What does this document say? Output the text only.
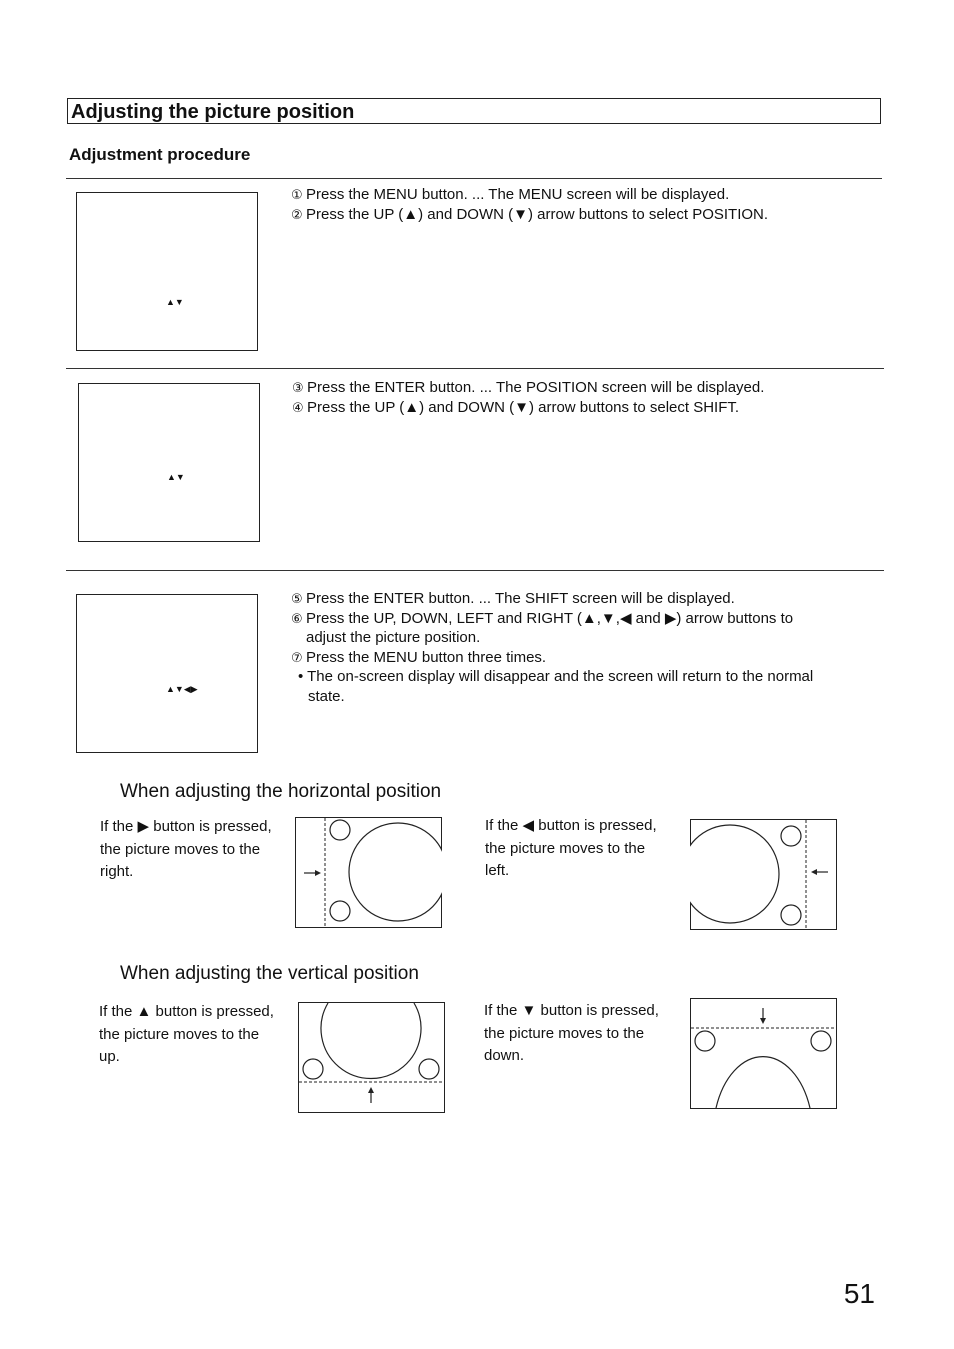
Adjusting the picture position
Adjustment procedure
▲▼
① Press the MENU button. ... The MENU screen will be displayed.
② Press the UP (▲) and DOWN (▼) arrow buttons to select POSITION.
▲▼
③ Press the ENTER button. ... The POSITION screen will be displayed.
④ Press the UP (▲) and DOWN (▼) arrow buttons to select SHIFT.
▲▼◀▶
⑤ Press the ENTER button. ... The SHIFT screen will be displayed.
⑥ Press the UP, DOWN, LEFT and RIGHT (▲,▼,◀ and ▶) arrow buttons to
adjust the picture position.
⑦ Press the MENU button three times.
• The on-screen display will disappear and the screen will return to the normal
state.
When adjusting the horizontal position
If the ▶ button is pressed,
the picture moves to the
right.
If the ◀ button is pressed,
the picture moves to the
left.
When adjusting the vertical position
If the ▲ button is pressed,
the picture moves to the
up.
If the ▼ button is pressed,
the picture moves to the
down.
51
